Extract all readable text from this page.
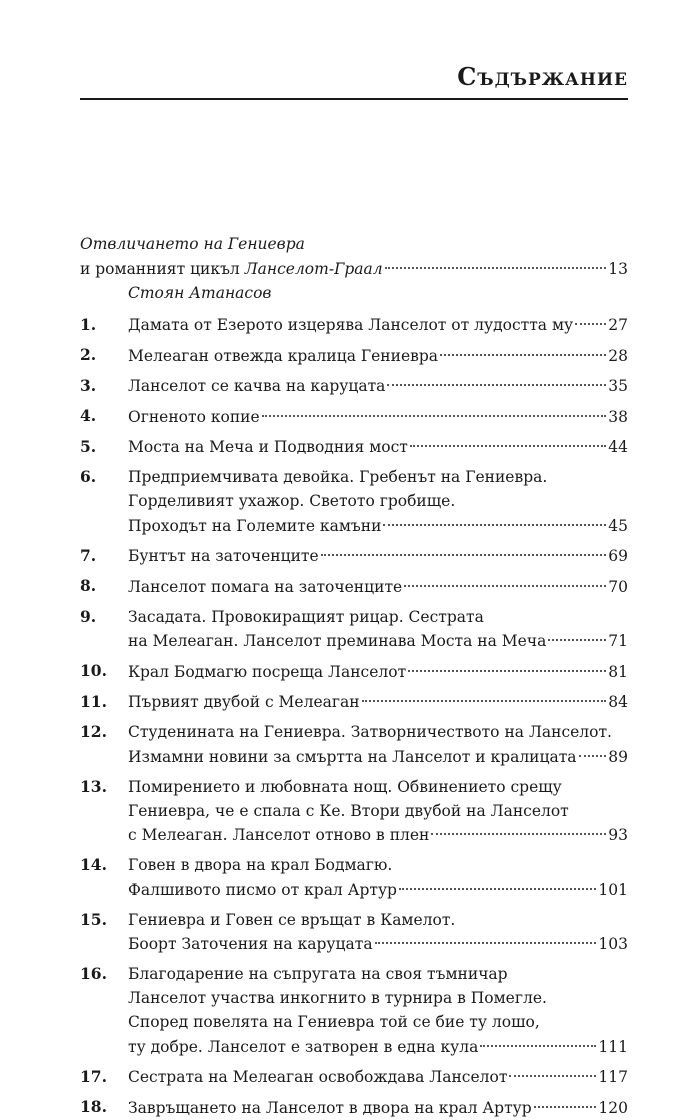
Съдържание
Отвличането на Гениевра
и романният цикъл Ланселот-Граал	13
Стоян Атанасов
1.	Дамата от Езерото изцерява Ланселот от лудостта му 27
2.	Мелеаган отвежда кралица Гениевра	28
3.	Ланселот се качва на каруцата	35
4.	Огненото копие	38
5.	Моста на Меча и Подводния мост	44
6.	Предприемчивата девойка. Гребенът на Гениевра.
Горделивият ухажор. Светото гробище.
Проходът на Големите камъни	45
7.	Бунтът на заточенците	69
8.	Ланселот помага на заточенците	70
9.	Засадата. Провокиращият рицар. Сестрата
на Мелеаган. Ланселот преминава Моста на Меча	71
10.	Крал Бодмагю посреща Ланселот	81
11.	Първият двубой с Мелеаган	84
12.	Студенината на Гениевра. Затворничеството на Ланселот.
Измамни новини за смъртта на Ланселот и кралицата 89
13.	Помирението и любовната нощ. Обвинението срещу
Гениевра, че е спала с Ке. Втори двубой на Ланселот
с Мелеаган. Ланселот отново в плен	93
14.	Говен в двора на крал Бодмагю.
Фалшивото писмо от крал Артур	101
15.	Гениевра и Говен се връщат в Камелот.
Боорт Заточения на каруцата	103
16.	Благодарение на съпругата на своя тъмничар
Ланселот участва инкогнито в турнира в Помегле.
Според повелята на Гениевра той се бие ту лошо,
ту добре. Ланселот е затворен в една кула	111
17.	Сестрата на Мелеаган освобождава Ланселот	117
18.	Завръщането на Ланселот в двора на крал Артур	120
